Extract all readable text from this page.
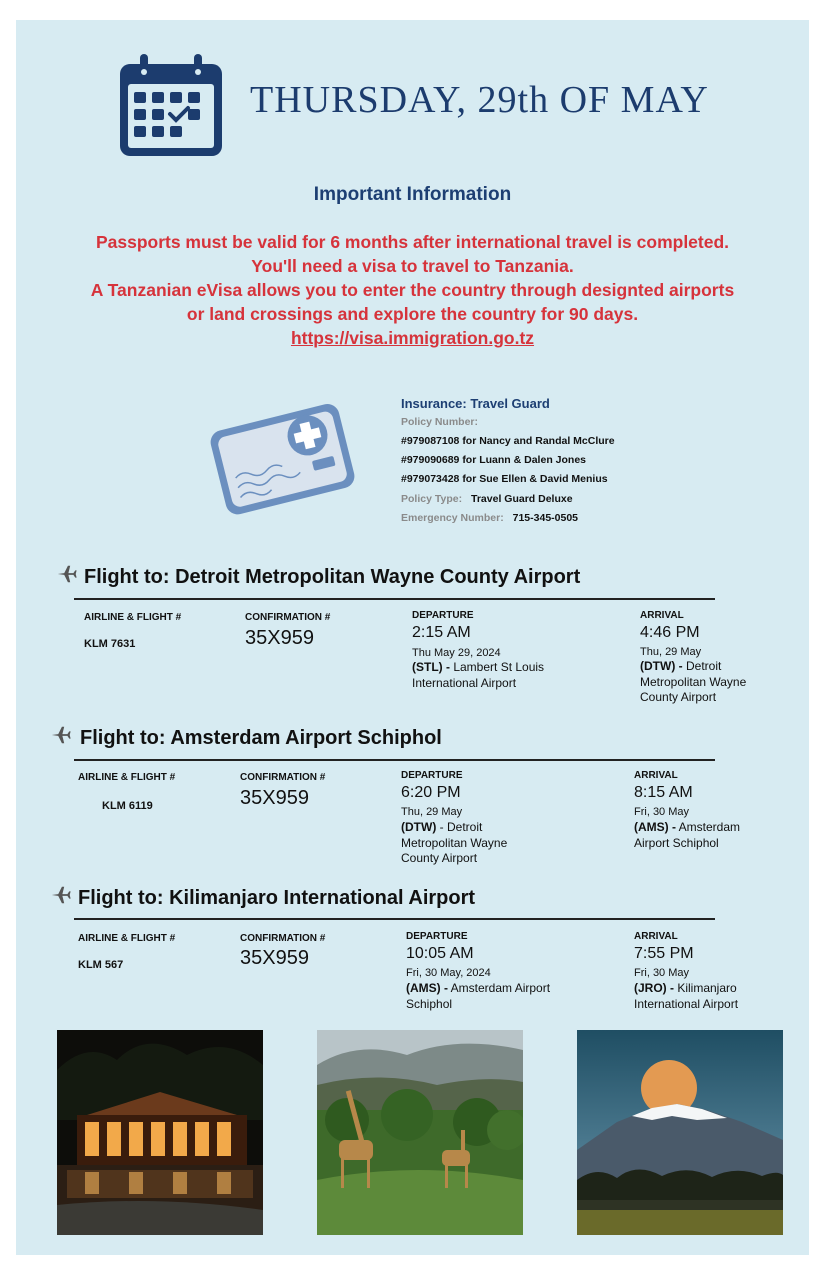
THURSDAY, 29th OF MAY
Important Information
Passports must be valid for 6 months after international travel is completed.
You'll need a visa to travel to Tanzania.
A Tanzanian eVisa allows you to enter the country through designted airports
or land crossings and explore the country for 90 days.
https://visa.immigration.go.tz
Insurance: Travel Guard
Policy Number:
#979087108 for Nancy and Randal McClure
#979090689 for Luann & Dalen Jones
#979073428 for Sue Ellen & David Menius
Policy Type: Travel Guard Deluxe
Emergency Number: 715-345-0505
Flight to: Detroit Metropolitan Wayne County Airport
AIRLINE & FLIGHT #
KLM 7631
CONFIRMATION #
35X959
DEPARTURE
2:15 AM
Thu May 29, 2024
(STL) - Lambert St Louis
International Airport
ARRIVAL
4:46 PM
Thu, 29 May
(DTW) - Detroit
Metropolitan Wayne
County Airport
Flight to: Amsterdam Airport Schiphol
AIRLINE & FLIGHT #
KLM 6119
CONFIRMATION #
35X959
DEPARTURE
6:20 PM
Thu, 29 May
(DTW) - Detroit
Metropolitan Wayne
County Airport
ARRIVAL
8:15 AM
Fri, 30 May
(AMS) - Amsterdam
Airport Schiphol
Flight to: Kilimanjaro International Airport
AIRLINE & FLIGHT #
KLM 567
CONFIRMATION #
35X959
DEPARTURE
10:05 AM
Fri, 30 May, 2024
(AMS) - Amsterdam Airport
Schiphol
ARRIVAL
7:55 PM
Fri, 30 May
(JRO) - Kilimanjaro
International Airport
